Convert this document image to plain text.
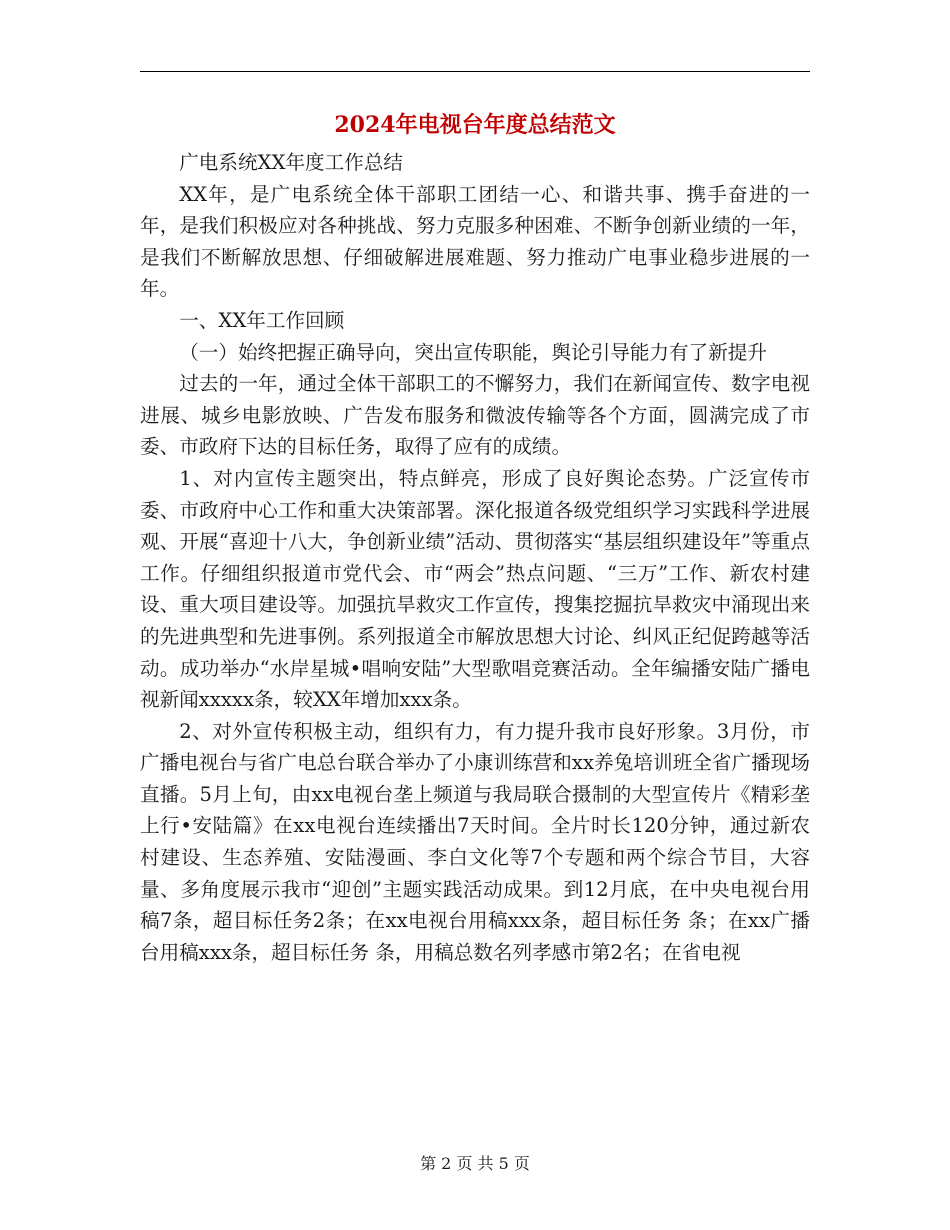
2024年电视台年度总结范文

广电系统XX年度工作总结

XX年，是广电系统全体干部职工团结一心、和谐共事、携手奋进的一年，是我们积极应对各种挑战、努力克服多种困难、不断争创新业绩的一年，是我们不断解放思想、仔细破解进展难题、努力推动广电事业稳步进展的一年。

一、XX年工作回顾

（一）始终把握正确导向，突出宣传职能，舆论引导能力有了新提升

过去的一年，通过全体干部职工的不懈努力，我们在新闻宣传、数字电视进展、城乡电影放映、广告发布服务和微波传输等各个方面，圆满完成了市委、市政府下达的目标任务，取得了应有的成绩。

1、对内宣传主题突出，特点鲜亮，形成了良好舆论态势。广泛宣传市委、市政府中心工作和重大决策部署。深化报道各级党组织学习实践科学进展观、开展“喜迎十八大，争创新业绩”活动、贯彻落实“基层组织建设年”等重点工作。仔细组织报道市党代会、市“两会”热点问题、“三万”工作、新农村建设、重大项目建设等。加强抗旱救灾工作宣传，搜集挖掘抗旱救灾中涌现出来的先进典型和先进事例。系列报道全市解放思想大讨论、纠风正纪促跨越等活动。成功举办“水岸星城•唱响安陆”大型歌唱竞赛活动。全年编播安陆广播电视新闻xxxxx条，较XX年增加xxx条。

2、对外宣传积极主动，组织有力，有力提升我市良好形象。3月份，市广播电视台与省广电总台联合举办了小康训练营和xx养兔培训班全省广播现场直播。5月上旬，由xx电视台垄上频道与我局联合摄制的大型宣传片《精彩垄上行•安陆篇》在xx电视台连续播出7天时间。全片时长120分钟，通过新农村建设、生态养殖、安陆漫画、李白文化等7个专题和两个综合节目，大容量、多角度展示我市“迎创”主题实践活动成果。到12月底，在中央电视台用稿7条，超目标任务2条；在xx电视台用稿xxx条，超目标任务 条；在xx广播台用稿xxx条，超目标任务 条，用稿总数名列孝感市第2名；在省电视

第 2 页 共 5 页
